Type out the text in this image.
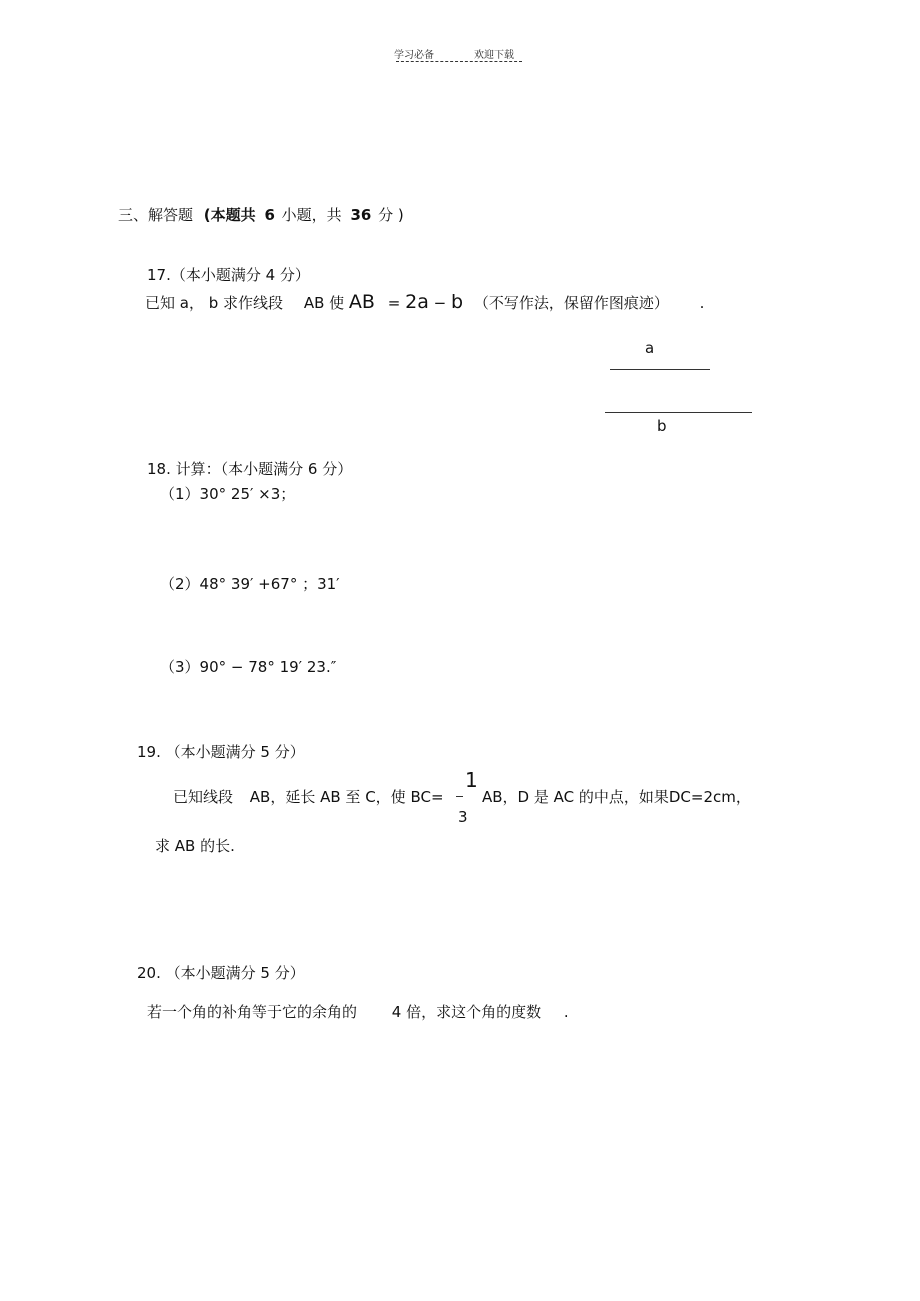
学习必备	欢迎下载
三、解答题 (本题共 6 小题，共 36 分 )
17.（本小题满分 4 分）
已知 a， b 求作线段 AB 使 AB = 2a − b （不写作法，保留作图痕迹） .
a
b
18. 计算：（本小题满分 6 分）
（1）30° 25′ ×3；
（2）48° 39′ +67° ；31′
（3）90° − 78° 19′ 23.″
19. （本小题满分 5 分）
已知线段 AB，延长 AB 至 C，使 BC=
1
3
AB，D 是 AC 的中点，如果DC=2cm，
求 AB 的长.
20. （本小题满分 5 分）
若一个角的补角等于它的余角的 4 倍，求这个角的度数 .
